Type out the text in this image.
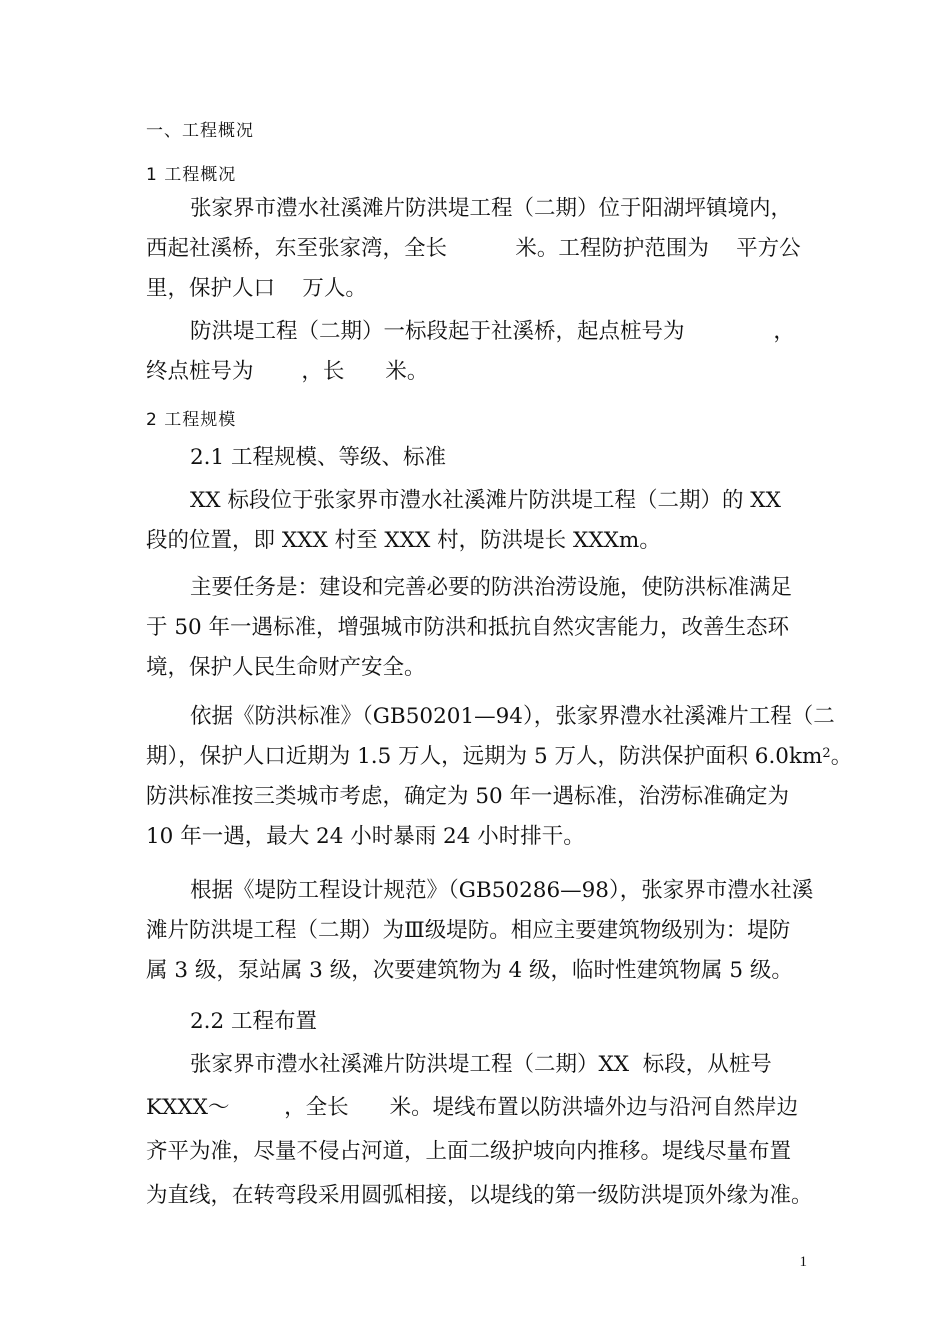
一、工程概况
1 工程概况
张家界市澧水社溪滩片防洪堤工程（二期）位于阳湖坪镇境内，
西起社溪桥，东至张家湾，全长          米。工程防护范围为    平方公
里，保护人口    万人。
防洪堤工程（二期）一标段起于社溪桥，起点桩号为             ，
终点桩号为       ，长      米。
2 工程规模
2.1 工程规模、等级、标准
XX 标段位于张家界市澧水社溪滩片防洪堤工程（二期）的 XX
段的位置，即 XXX 村至 XXX 村，防洪堤长 XXXm。
主要任务是：建设和完善必要的防洪治涝设施，使防洪标准满足
于 50 年一遇标准，增强城市防洪和抵抗自然灾害能力，改善生态环
境，保护人民生命财产安全。
依据《防洪标准》（GB50201—94），张家界澧水社溪滩片工程（二
期），保护人口近期为 1.5 万人，远期为 5 万人，防洪保护面积 $6.0km^2$。
防洪标准按三类城市考虑，确定为 50 年一遇标准，治涝标准确定为
10 年一遇，最大 24 小时暴雨 24 小时排干。
根据《堤防工程设计规范》（GB50286—98），张家界市澧水社溪
滩片防洪堤工程（二期）为Ⅲ级堤防。相应主要建筑物级别为：堤防
属 3 级，泵站属 3 级，次要建筑物为 4 级，临时性建筑物属 5 级。
2.2 工程布置
张家界市澧水社溪滩片防洪堤工程（二期）XX  标段，从桩号
KXXX～        ，全长      米。堤线布置以防洪墙外边与沿河自然岸边
齐平为准，尽量不侵占河道，上面二级护坡向内推移。堤线尽量布置
为直线，在转弯段采用圆弧相接，以堤线的第一级防洪堤顶外缘为准。
1
